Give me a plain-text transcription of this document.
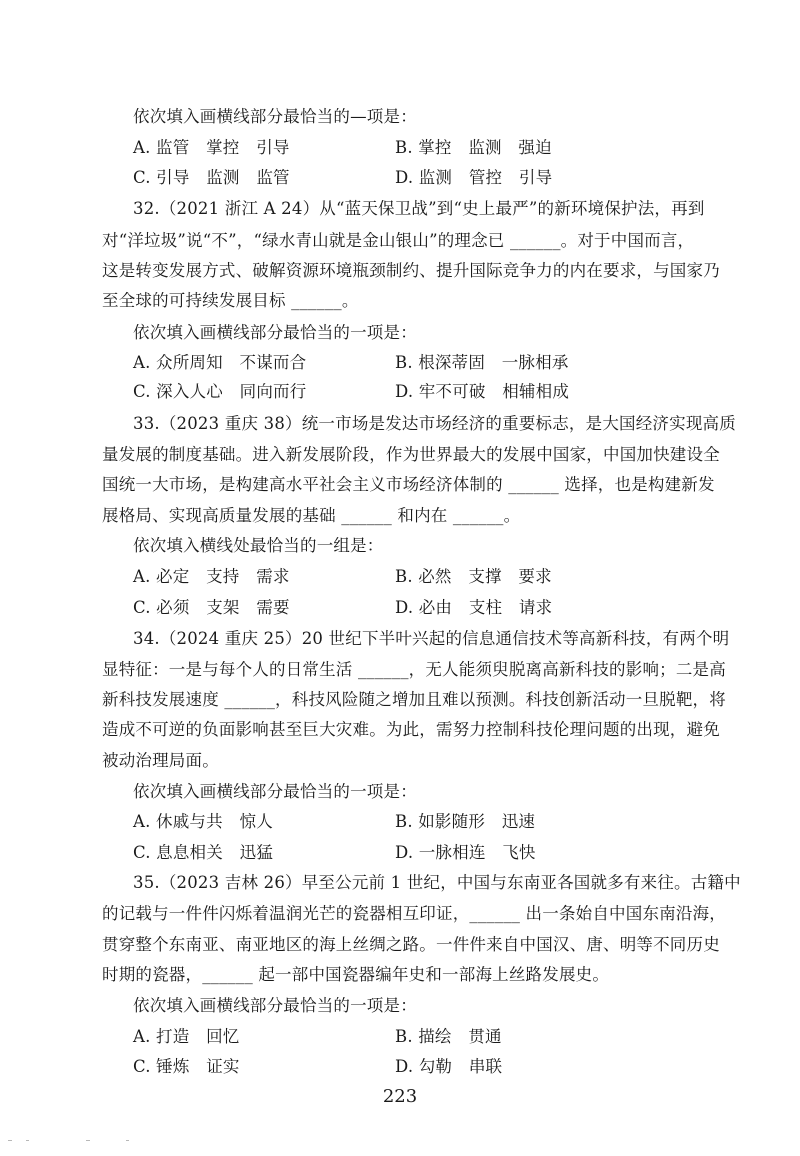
依次填入画横线部分最恰当的—项是：
A. 监管　掌控　引导	B. 掌控　监测　强迫
C. 引导　监测　监管	D. 监测　管控　引导
32.（2021 浙江 A 24）从“蓝天保卫战”到“史上最严”的新环境保护法，再到
对“洋垃圾”说“不”，“绿水青山就是金山银山”的理念已 ______。对于中国而言，
这是转变发展方式、破解资源环境瓶颈制约、提升国际竞争力的内在要求，与国家乃
至全球的可持续发展目标 ______。
依次填入画横线部分最恰当的一项是：
A. 众所周知　不谋而合	B. 根深蒂固　一脉相承
C. 深入人心　同向而行	D. 牢不可破　相辅相成
33.（2023 重庆 38）统一市场是发达市场经济的重要标志，是大国经济实现高质
量发展的制度基础。进入新发展阶段，作为世界最大的发展中国家，中国加快建设全
国统一大市场，是构建高水平社会主义市场经济体制的 ______ 选择，也是构建新发
展格局、实现高质量发展的基础 ______ 和内在 ______。
依次填入横线处最恰当的一组是：
A. 必定　支持　需求	B. 必然　支撑　要求
C. 必须　支架　需要	D. 必由　支柱　请求
34.（2024 重庆 25）20 世纪下半叶兴起的信息通信技术等高新科技，有两个明
显特征：一是与每个人的日常生活 ______，无人能须臾脱离高新科技的影响；二是高
新科技发展速度 ______，科技风险随之增加且难以预测。科技创新活动一旦脱靶，将
造成不可逆的负面影响甚至巨大灾难。为此，需努力控制科技伦理问题的出现，避免
被动治理局面。
依次填入画横线部分最恰当的一项是：
A. 休戚与共　惊人	B. 如影随形　迅速
C. 息息相关　迅猛	D. 一脉相连　飞快
35.（2023 吉林 26）早至公元前 1 世纪，中国与东南亚各国就多有来往。古籍中
的记载与一件件闪烁着温润光芒的瓷器相互印证，______ 出一条始自中国东南沿海，
贯穿整个东南亚、南亚地区的海上丝绸之路。一件件来自中国汉、唐、明等不同历史
时期的瓷器，______ 起一部中国瓷器编年史和一部海上丝路发展史。
依次填入画横线部分最恰当的一项是：
A. 打造　回忆	B. 描绘　贯通
C. 锤炼　证实	D. 勾勒　串联
223
